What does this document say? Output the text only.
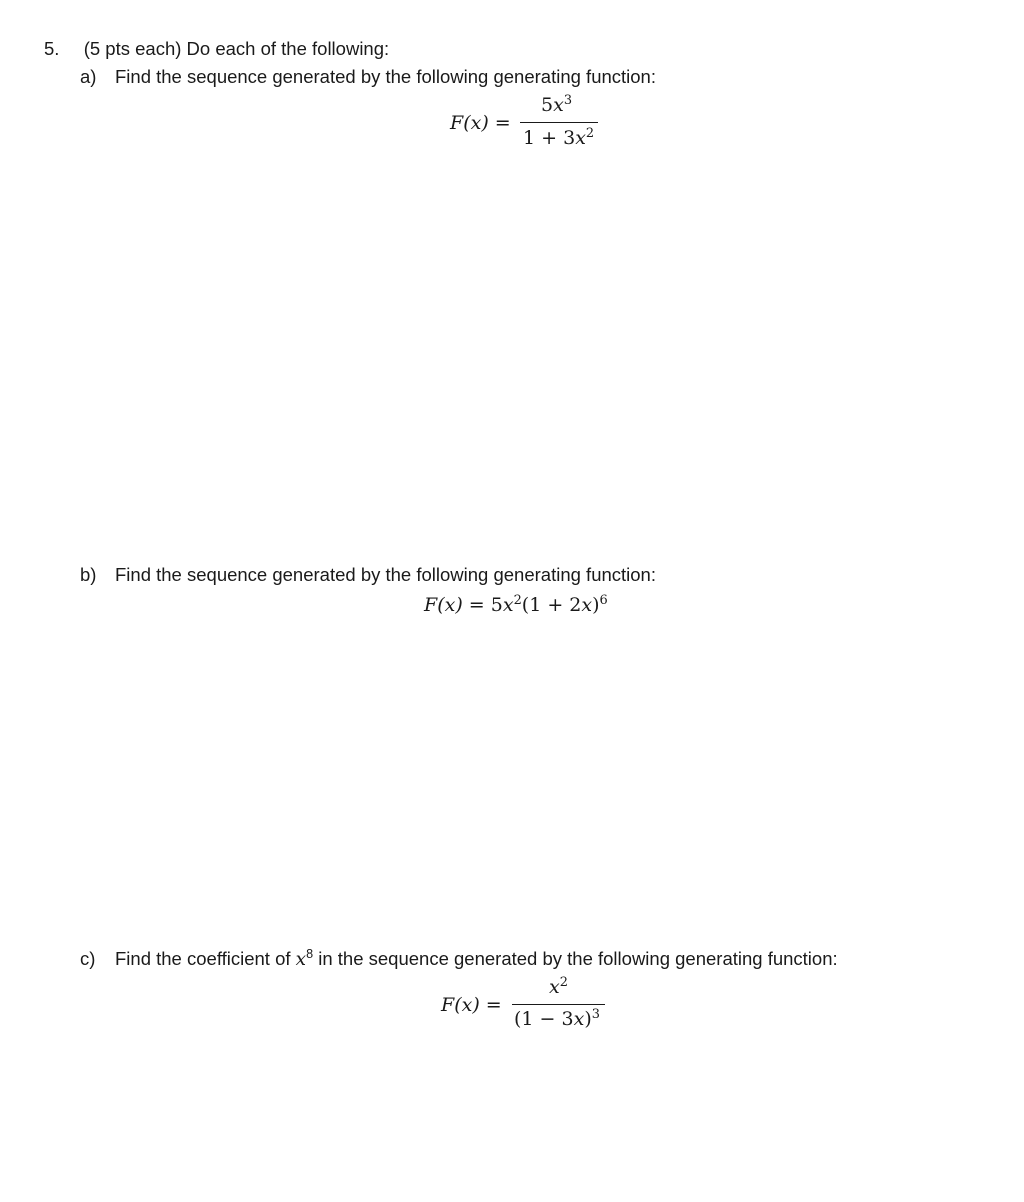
5. (5 pts each) Do each of the following:
a) Find the sequence generated by the following generating function:
F(x) =
$5x^3$
$1 + 3x^2$
b) Find the sequence generated by the following generating function:
$F(x) = 5x^2(1 + 2x)^6$
c) Find the coefficient of $x^8$ in the sequence generated by the following generating function:
F(x) =
$x^2$
$(1 - 3x)^3$
